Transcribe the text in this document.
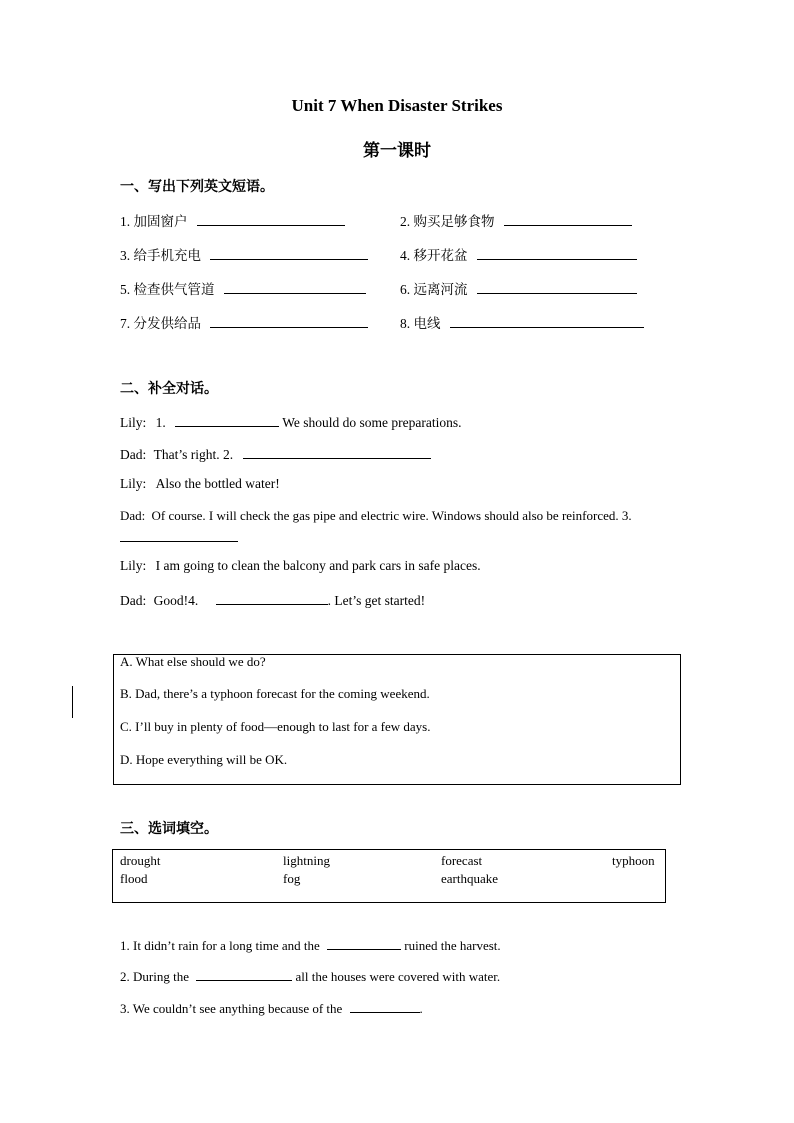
Unit 7 When Disaster Strikes
第一课时
一、写出下列英文短语。
1. 加固窗户	2. 购买足够食物
3. 给手机充电	4. 移开花盆
5. 检查供气管道	6. 远离河流
7. 分发供给品	8. 电线
二、补全对话。
Lily: 1.	We should do some preparations.
Dad: That’s right. 2.
Lily: Also the bottled water!
Dad: Of course. I will check the gas pipe and electric wire. Windows should also be reinforced. 3.
Lily: I am going to clean the balcony and park cars in safe places.
Dad: Good!4.	. Let’s get started!
A. What else should we do?
B. Dad, there’s a typhoon forecast for the coming weekend.
C. I’ll buy in plenty of food—enough to last for a few days.
D. Hope everything will be OK.
三、选词填空。
drought	lightning	forecast	typhoon
flood	fog	earthquake
1. It didn’t rain for a long time and the	ruined the harvest.
2. During the	all the houses were covered with water.
3. We couldn’t see anything because of the	.
